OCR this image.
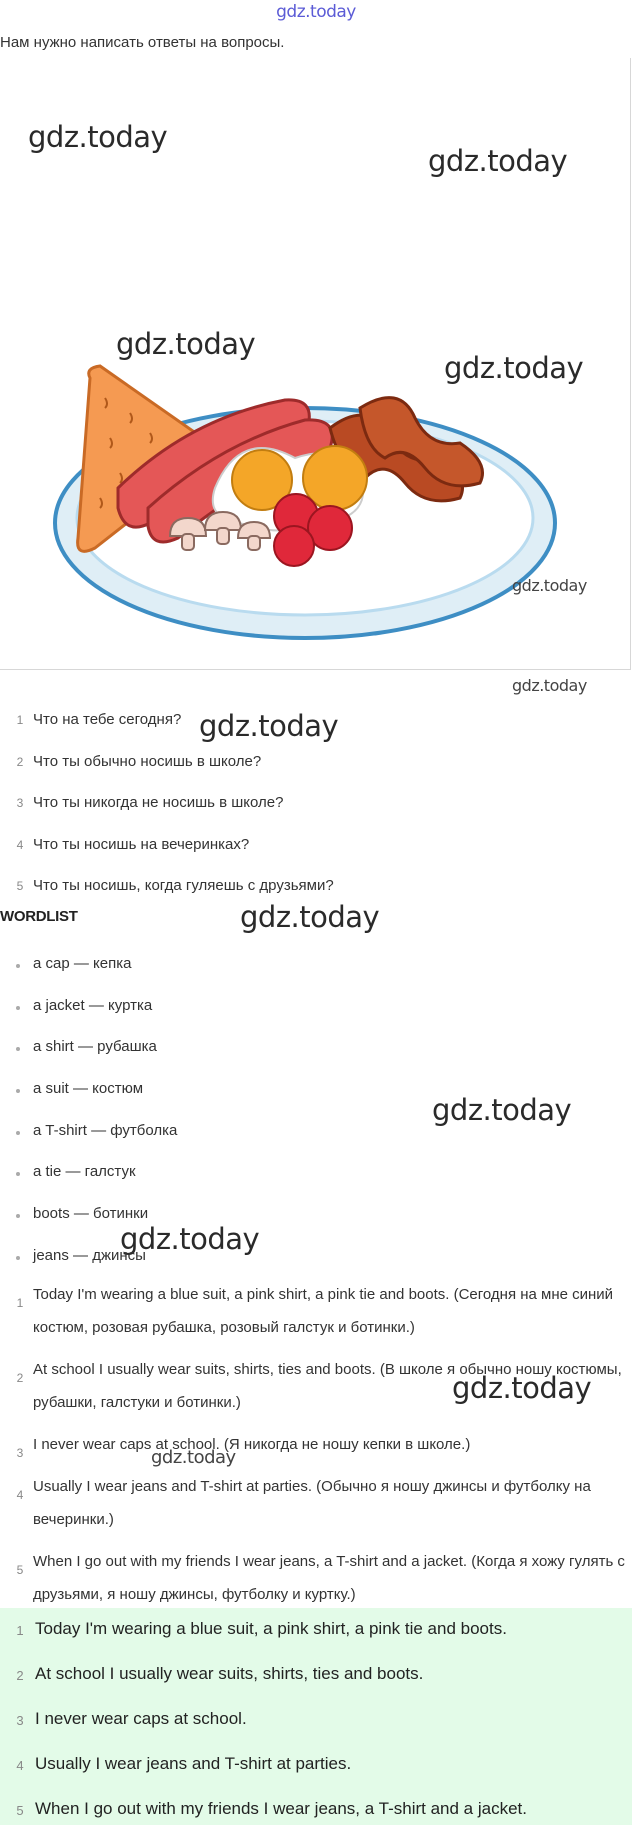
gdz.today
Нам нужно написать ответы на вопросы.
gdz.today
gdz.today
gdz.today
gdz.today
gdz.today
gdz.today
gdz.today
gdz.today
gdz.today
gdz.today
gdz.today
gdz.today
1 Что на тебе сегодня?
2 Что ты обычно носишь в школе?
3 Что ты никогда не носишь в школе?
4 Что ты носишь на вечеринках?
5 Что ты носишь, когда гуляешь с друзьями?
WORDLIST
a cap — кепка
a jacket — куртка
a shirt — рубашка
a suit — костюм
a T-shirt — футболка
a tie — галстук
boots — ботинки
jeans — джинсы
1 Today I'm wearing a blue suit, a pink shirt, a pink tie and boots. (Сегодня на мне синий костюм, розовая рубашка, розовый галстук и ботинки.)
2 At school I usually wear suits, shirts, ties and boots. (В школе я обычно ношу костюмы, рубашки, галстуки и ботинки.)
3 I never wear caps at school. (Я никогда не ношу кепки в школе.)
4 Usually I wear jeans and T-shirt at parties. (Обычно я ношу джинсы и футболку на вечеринки.)
5 When I go out with my friends I wear jeans, a T-shirt and a jacket. (Когда я хожу гулять с друзьями, я ношу джинсы, футболку и куртку.)
1 Today I'm wearing a blue suit, a pink shirt, a pink tie and boots.
2 At school I usually wear suits, shirts, ties and boots.
3 I never wear caps at school.
4 Usually I wear jeans and T-shirt at parties.
5 When I go out with my friends I wear jeans, a T-shirt and a jacket.
